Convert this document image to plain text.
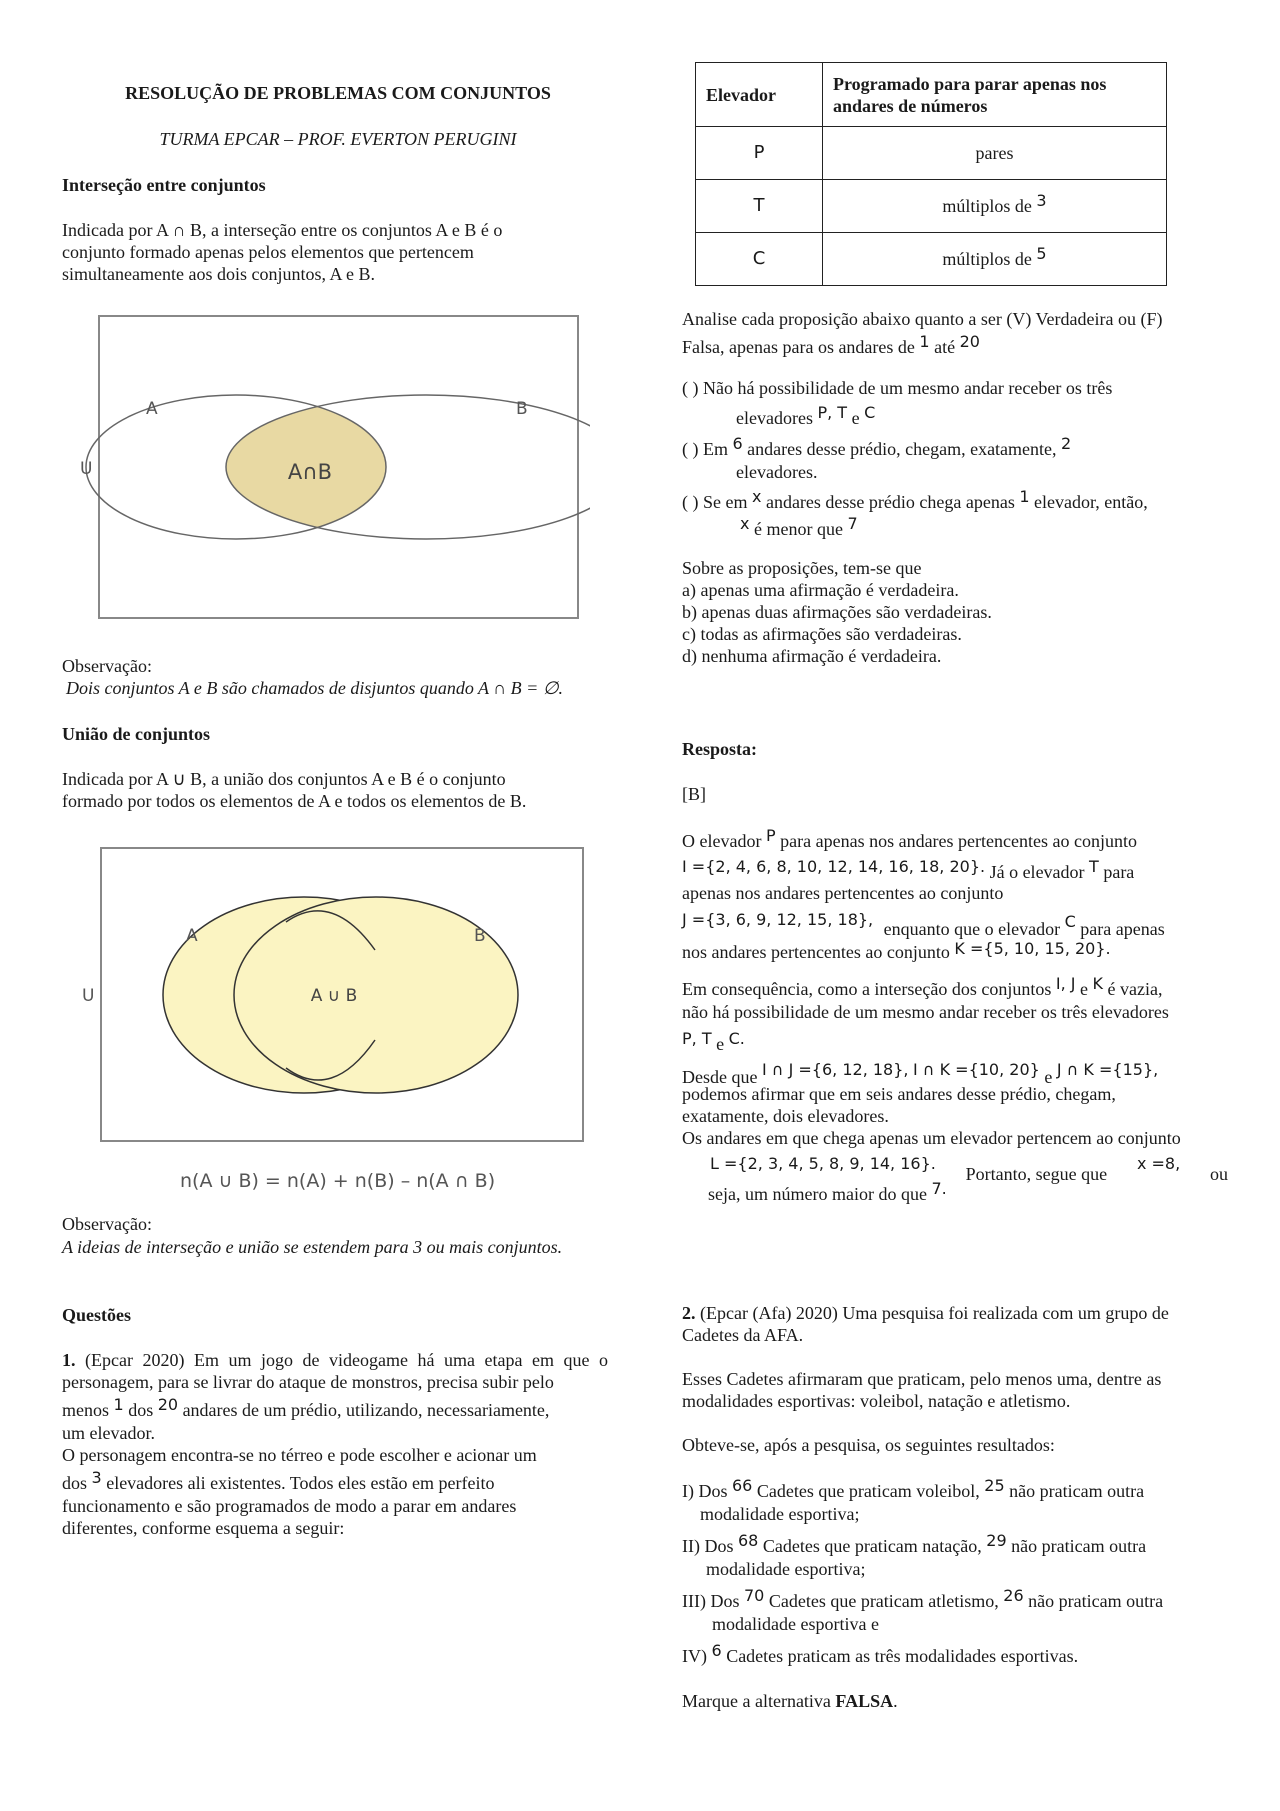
RESOLUÇÃO DE PROBLEMAS COM CONJUNTOS
TURMA EPCAR – PROF. EVERTON PERUGINI
Interseção entre conjuntos
Indicada por A ∩ B, a interseção entre os conjuntos A e B é o
conjunto formado apenas pelos elementos que pertencem
simultaneamente aos dois conjuntos, A e B.
A	B
U	A∩B
Observação:
Dois conjuntos A e B são chamados de disjuntos quando A ∩ B = ∅.
União de conjuntos
Indicada por A ∪ B, a união dos conjuntos A e B é o conjunto
formado por todos os elementos de A e todos os elementos de B.
A	B
U	A ∪ B
n(A ∪ B) = n(A) + n(B) – n(A ∩ B)
Observação:
A ideias de interseção e união se estendem para 3 ou mais conjuntos.
Questões
1. (Epcar 2020) Em um jogo de videogame há uma etapa em que o
personagem, para se livrar do ataque de monstros, precisa subir pelo
menos 1 dos 20 andares de um prédio, utilizando, necessariamente,
um elevador.
O personagem encontra-se no térreo e pode escolher e acionar um
dos 3 elevadores ali existentes. Todos eles estão em perfeito
funcionamento e são programados de modo a parar em andares
diferentes, conforme esquema a seguir:
Elevador	Programado para parar apenas nos andares de números
P	pares
T	múltiplos de 3
C	múltiplos de 5
Analise cada proposição abaixo quanto a ser (V) Verdadeira ou (F)
Falsa, apenas para os andares de 1 até 20
( ) Não há possibilidade de um mesmo andar receber os três
elevadores P, T e C
( ) Em 6 andares desse prédio, chegam, exatamente, 2
elevadores.
( ) Se em x andares desse prédio chega apenas 1 elevador, então,
x é menor que 7
Sobre as proposições, tem-se que
a) apenas uma afirmação é verdadeira.
b) apenas duas afirmações são verdadeiras.
c) todas as afirmações são verdadeiras.
d) nenhuma afirmação é verdadeira.
Resposta:
[B]
O elevador P para apenas nos andares pertencentes ao conjunto
I ={2, 4, 6, 8, 10, 12, 14, 16, 18, 20}. Já o elevador T para
apenas nos andares pertencentes ao conjunto
J ={3, 6, 9, 12, 15, 18}, enquanto que o elevador C para apenas
nos andares pertencentes ao conjunto K ={5, 10, 15, 20}.
Em consequência, como a interseção dos conjuntos I, J e K é vazia,
não há possibilidade de um mesmo andar receber os três elevadores
P, T e C.
Desde que I ∩ J ={6, 12, 18}, I ∩ K ={10, 20} e J ∩ K ={15},
podemos afirmar que em seis andares desse prédio, chegam,
exatamente, dois elevadores.
Os andares em que chega apenas um elevador pertencem ao conjunto
L ={2, 3, 4, 5, 8, 9, 14, 16}.
Portanto, segue que
x =8,
ou
seja, um número maior do que 7.
2. (Epcar (Afa) 2020) Uma pesquisa foi realizada com um grupo de
Cadetes da AFA.
Esses Cadetes afirmaram que praticam, pelo menos uma, dentre as
modalidades esportivas: voleibol, natação e atletismo.
Obteve-se, após a pesquisa, os seguintes resultados:
I) Dos 66 Cadetes que praticam voleibol, 25 não praticam outra
modalidade esportiva;
II) Dos 68 Cadetes que praticam natação, 29 não praticam outra
modalidade esportiva;
III) Dos 70 Cadetes que praticam atletismo, 26 não praticam outra
modalidade esportiva e
IV) 6 Cadetes praticam as três modalidades esportivas.
Marque a alternativa FALSA.
